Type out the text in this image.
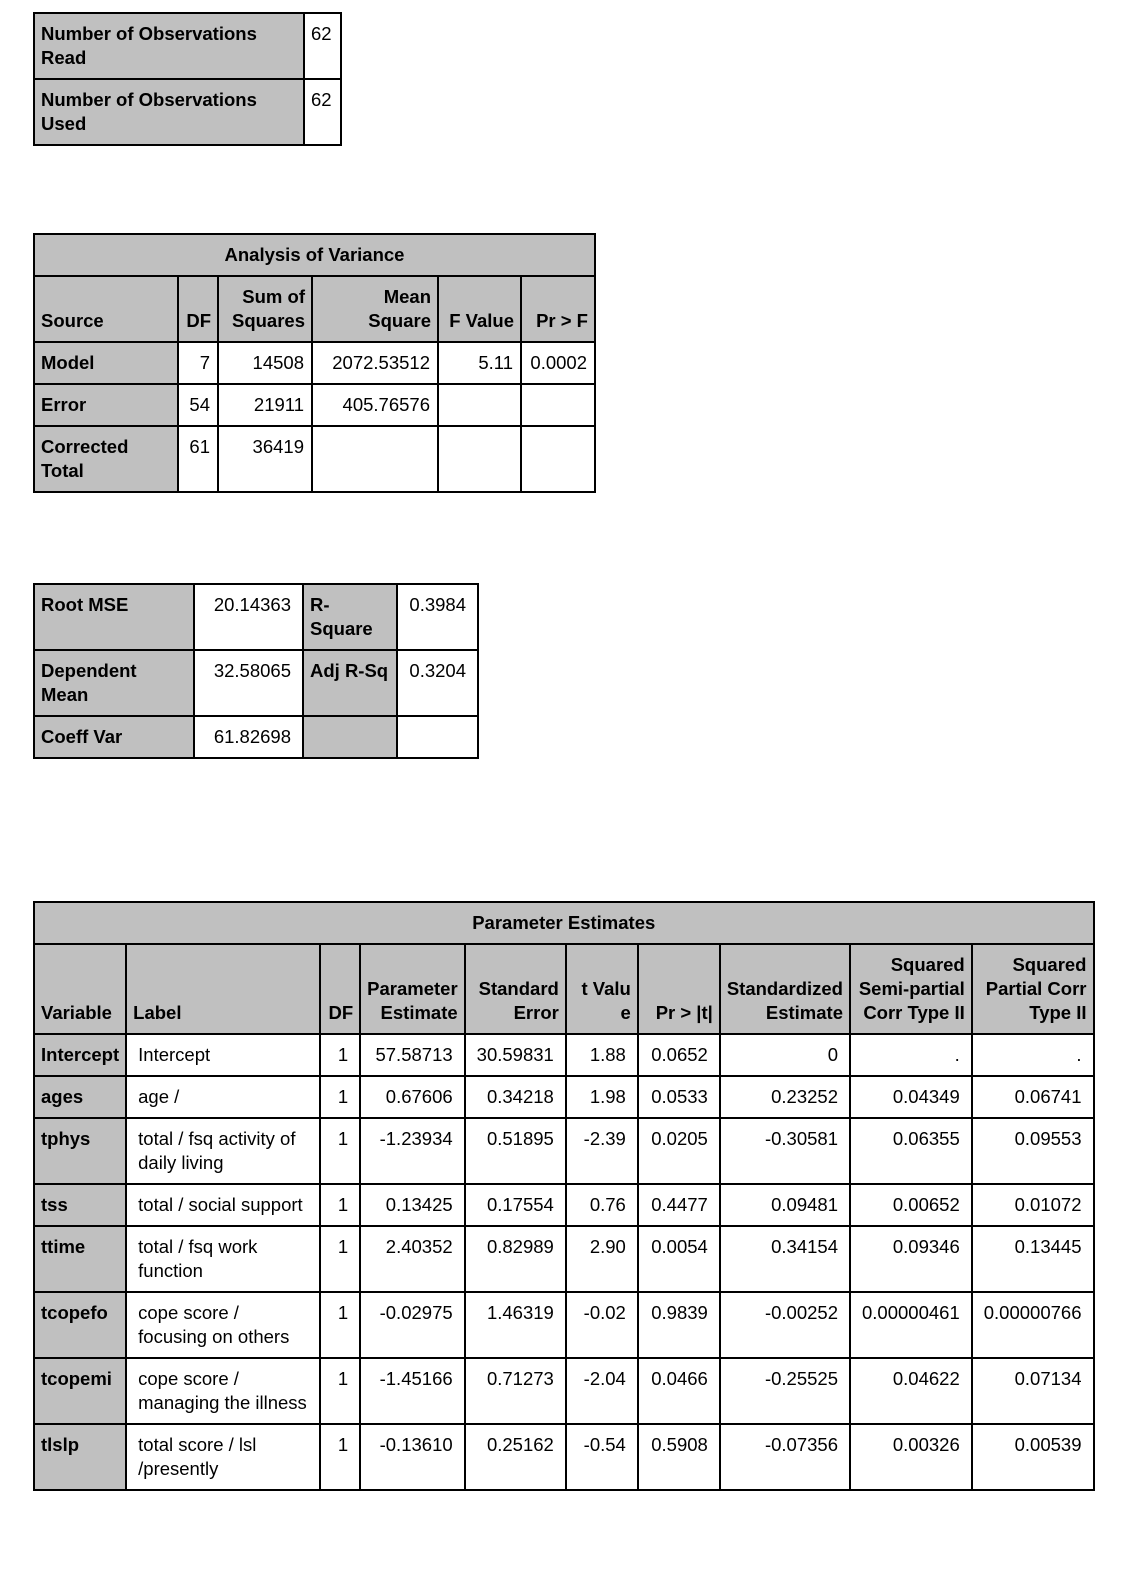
Number of Observations Read	62
Number of Observations Used	62
Analysis of Variance					
Source	DF	Sum of Squares	Mean Square	F Value	Pr > F
Model	7	14508	2072.53512	5.11	0.0002
Error	54	21911	405.76576		
Corrected Total	61	36419			
Root MSE	20.14363	R-Square	0.3984
Dependent Mean	32.58065	Adj R-Sq	0.3204
Coeff Var	61.82698		
Parameter Estimates									
Variable	Label	DF	Parameter Estimate	Standard Error	t Value	Pr > |t|	Standardized Estimate	Squared Semi-partial Corr Type II	Squared Partial Corr Type II
Intercept	Intercept	1	57.58713	30.59831	1.88	0.0652	0	.	.
ages	age /	1	0.67606	0.34218	1.98	0.0533	0.23252	0.04349	0.06741
tphys	total / fsq activity of daily living	1	-1.23934	0.51895	-2.39	0.0205	-0.30581	0.06355	0.09553
tss	total / social support	1	0.13425	0.17554	0.76	0.4477	0.09481	0.00652	0.01072
ttime	total / fsq work function	1	2.40352	0.82989	2.90	0.0054	0.34154	0.09346	0.13445
tcopefo	cope score / focusing on others	1	-0.02975	1.46319	-0.02	0.9839	-0.00252	0.00000461	0.00000766
tcopemi	cope score / managing the illness	1	-1.45166	0.71273	-2.04	0.0466	-0.25525	0.04622	0.07134
tlslp	total score / lsl /presently	1	-0.13610	0.25162	-0.54	0.5908	-0.07356	0.00326	0.00539
